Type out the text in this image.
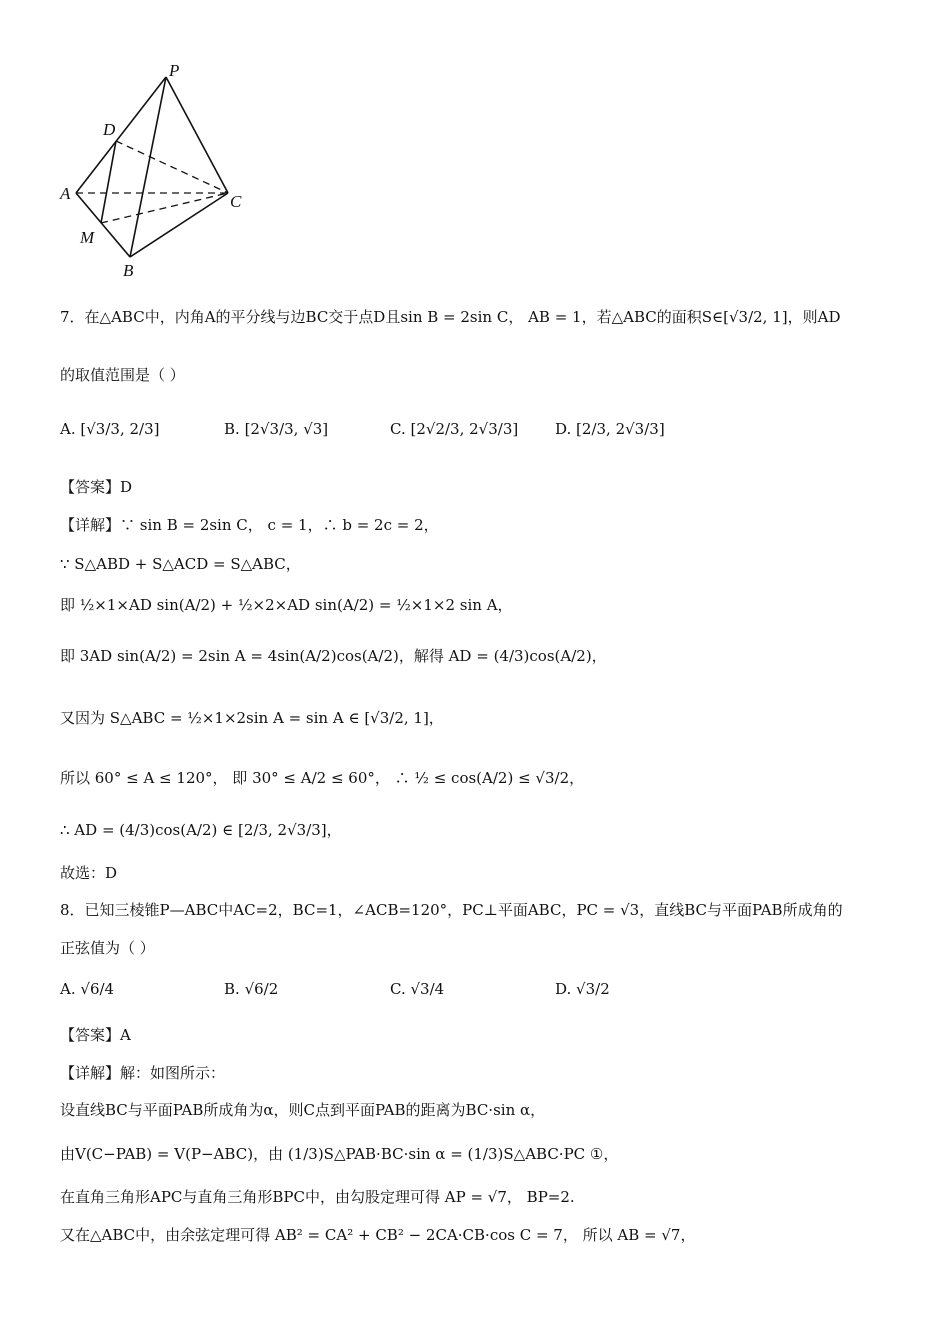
P
D
A	C
M
B
7．在△ABC中，内角A的平分线与边BC交于点D且sin B = 2sin C， AB = 1，若△ABC的面积S∈[√3/2, 1]，则AD
的取值范围是（ ）
A. [√3/3, 2/3]	B. [2√3/3, √3]	C. [2√2/3, 2√3/3] D. [2/3, 2√3/3]
【答案】D
【详解】∵ sin B = 2sin C， c = 1，∴ b = 2c = 2，
∵ S△ABD + S△ACD = S△ABC，
即 ½×1×AD sin(A/2) + ½×2×AD sin(A/2) = ½×1×2 sin A，
即 3AD sin(A/2) = 2sin A = 4sin(A/2)cos(A/2)，解得 AD = (4/3)cos(A/2)，
又因为 S△ABC = ½×1×2sin A = sin A ∈ [√3/2, 1]，
所以 60° ≤ A ≤ 120°， 即 30° ≤ A/2 ≤ 60°， ∴ ½ ≤ cos(A/2) ≤ √3/2，
∴ AD = (4/3)cos(A/2) ∈ [2/3, 2√3/3]，
故选：D
8．已知三棱锥P—ABC中AC=2，BC=1，∠ACB=120°，PC⊥平面ABC，PC = √3，直线BC与平面PAB所成角的
正弦值为（ ）
A. √6/4	B. √6/2	C. √3/4	D. √3/2
【答案】A
【详解】解：如图所示：
设直线BC与平面PAB所成角为α，则C点到平面PAB的距离为BC·sin α，
由V(C−PAB) = V(P−ABC)，由 (1/3)S△PAB·BC·sin α = (1/3)S△ABC·PC ①，
在直角三角形APC与直角三角形BPC中，由勾股定理可得 AP = √7， BP=2.
又在△ABC中，由余弦定理可得 AB² = CA² + CB² − 2CA·CB·cos C = 7， 所以 AB = √7，
